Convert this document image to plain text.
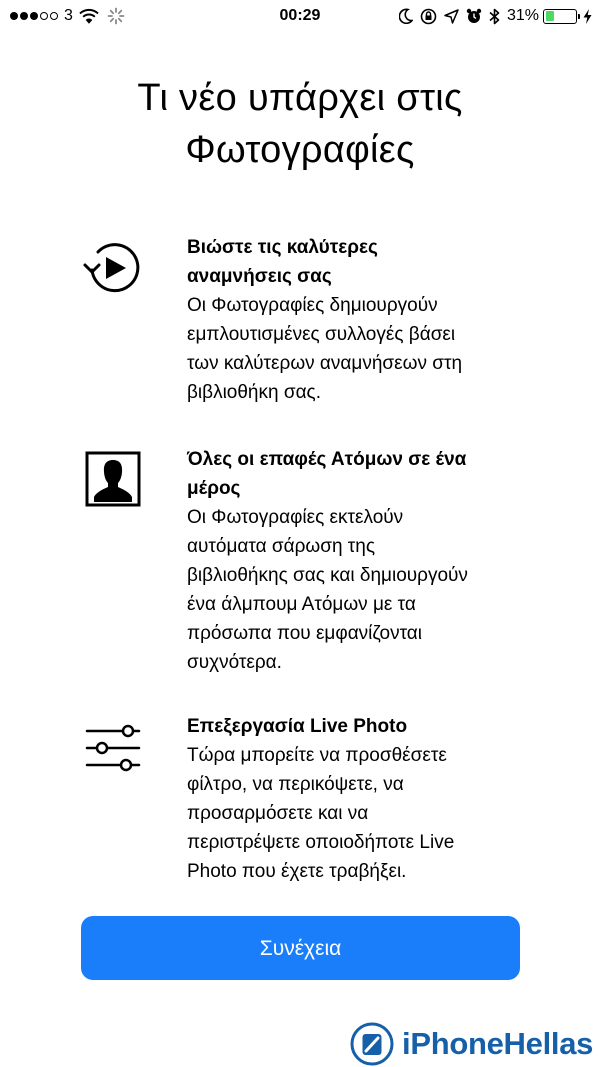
3	00:29	31%
Τι νέο υπάρχει στις
Φωτογραφίες

Βιώστε τις καλύτερες
αναμνήσεις σας

Οι Φωτογραφίες δημιουργούν
εμπλουτισμένες συλλογές βάσει
των καλύτερων αναμνήσεων στη
βιβλιοθήκη σας.

Όλες οι επαφές Ατόμων σε ένα
μέρος

Οι Φωτογραφίες εκτελούν
αυτόματα σάρωση της
βιβλιοθήκης σας και δημιουργούν
ένα άλμπουμ Ατόμων με τα
πρόσωπα που εμφανίζονται
συχνότερα.

Επεξεργασία Live Photo

Τώρα μπορείτε να προσθέσετε
φίλτρο, να περικόψετε, να
προσαρμόσετε και να
περιστρέψετε οποιοδήποτε Live
Photo που έχετε τραβήξει.

Συνέχεια
iPhoneHellas
